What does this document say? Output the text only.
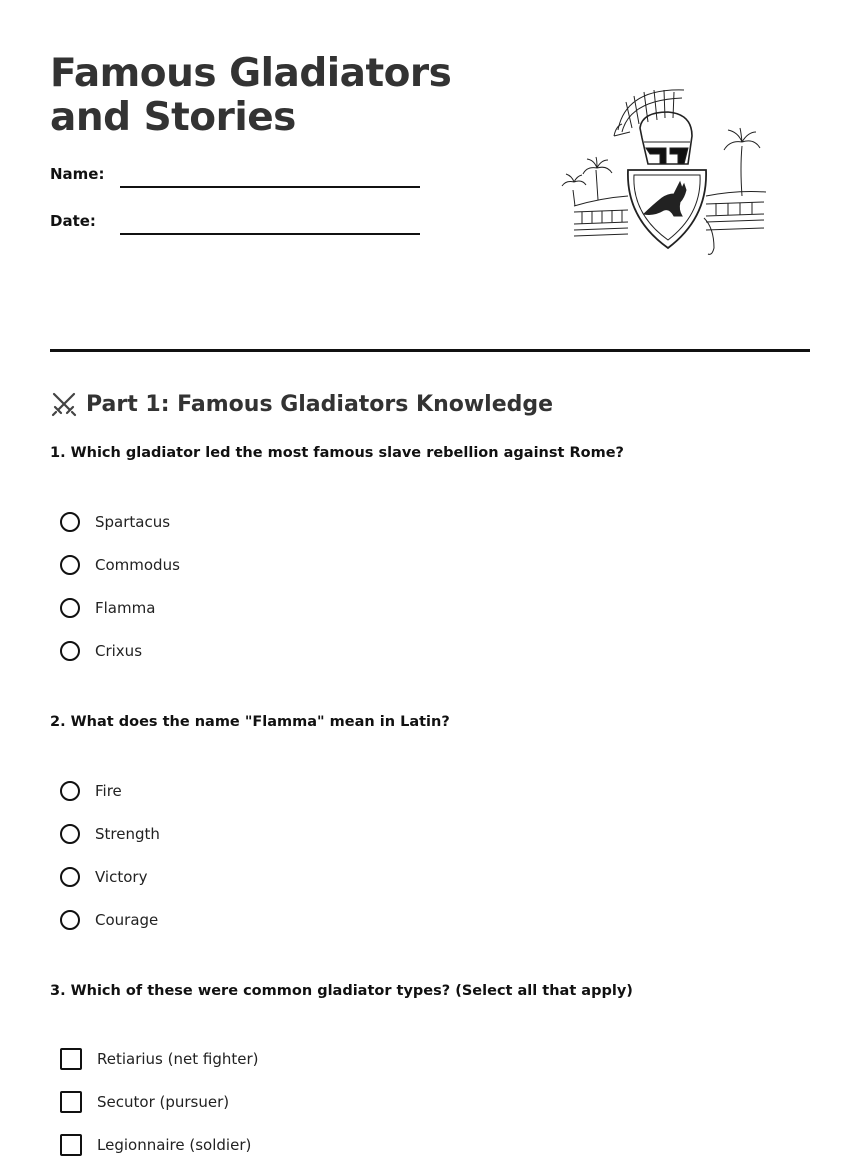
Famous Gladiators and Stories
Name:
Date:
Part 1: Famous Gladiators Knowledge
1. Which gladiator led the most famous slave rebellion against Rome?
Spartacus
Commodus
Flamma
Crixus
2. What does the name "Flamma" mean in Latin?
Fire
Strength
Victory
Courage
3. Which of these were common gladiator types? (Select all that apply)
Retiarius (net fighter)
Secutor (pursuer)
Legionnaire (soldier)
